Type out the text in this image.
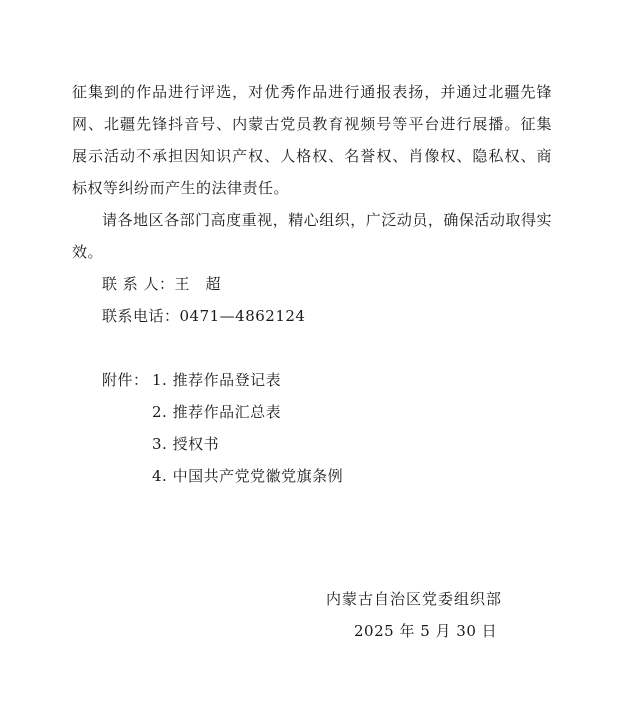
征集到的作品进行评选，对优秀作品进行通报表扬，并通过北疆先锋网、北疆先锋抖音号、内蒙古党员教育视频号等平台进行展播。征集展示活动不承担因知识产权、人格权、名誉权、肖像权、隐私权、商标权等纠纷而产生的法律责任。

请各地区各部门高度重视，精心组织，广泛动员，确保活动取得实效。

联 系 人：王　超

联系电话：0471—4862124

附件： 1. 推荐作品登记表

2. 推荐作品汇总表

3. 授权书

4. 中国共产党党徽党旗条例

内蒙古自治区党委组织部
2025 年 5 月 30 日
